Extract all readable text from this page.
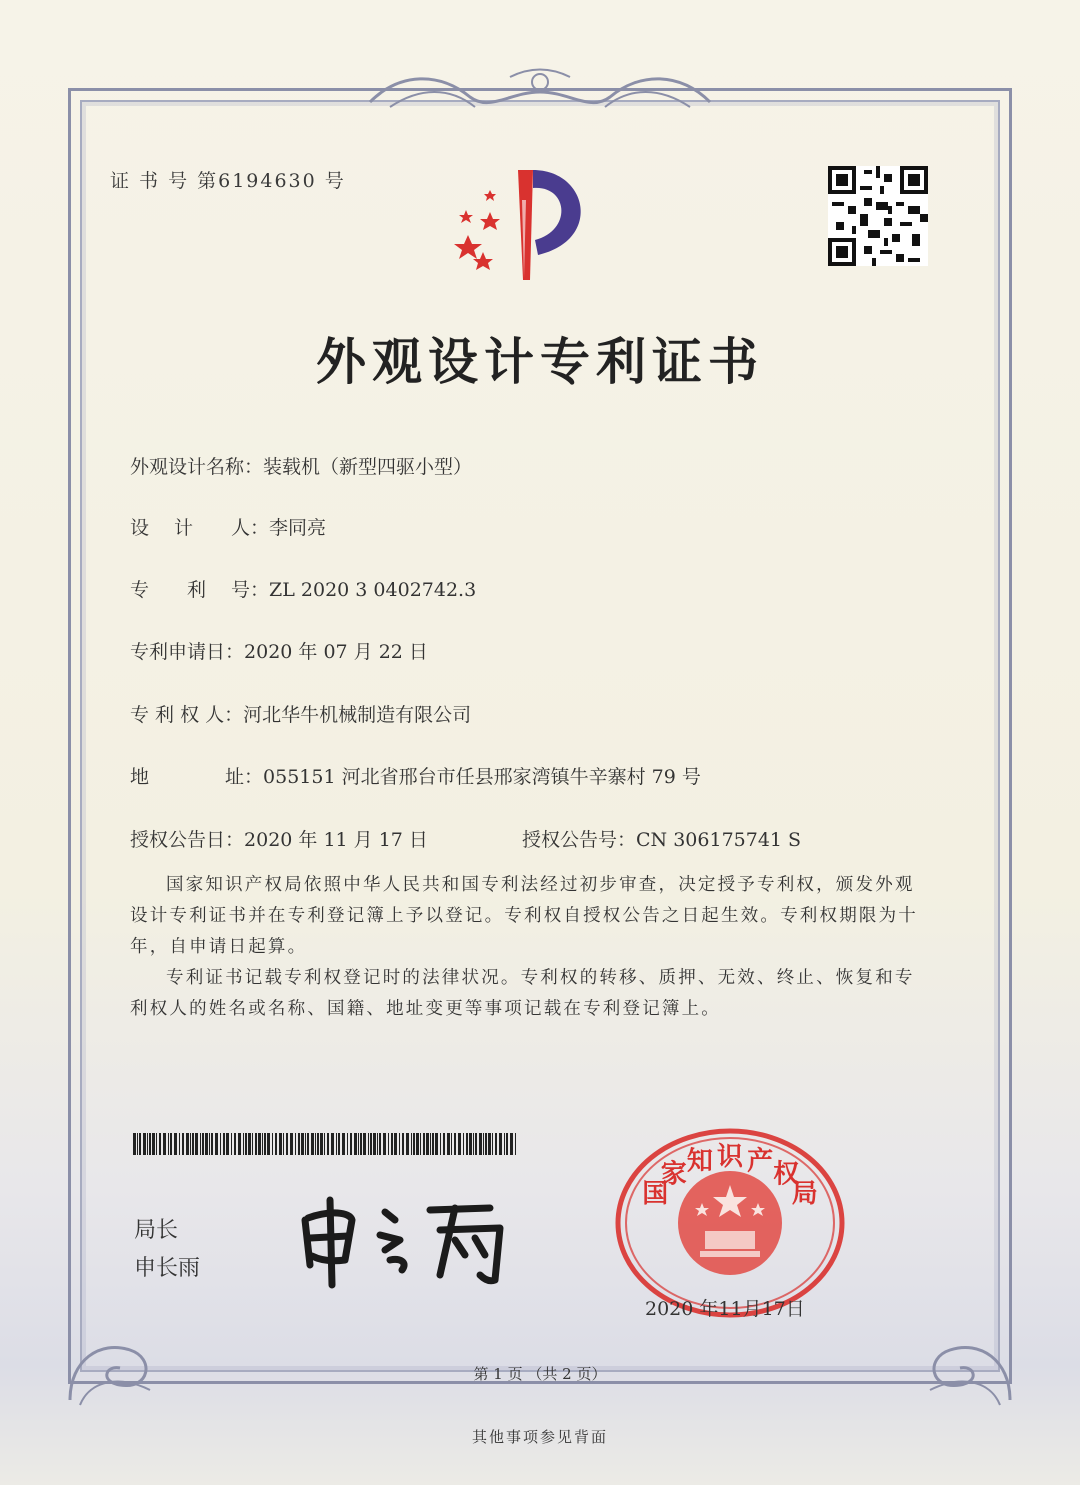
证 书 号 第6194630 号
外观设计专利证书
外观设计名称：装载机（新型四驱小型）
设　 计　　人：李同亮
专　　利　 号：ZL 2020 3 0402742.3
专利申请日：2020 年 07 月 22 日
专 利 权 人：河北华牛机械制造有限公司
地　　　　址：055151 河北省邢台市任县邢家湾镇牛辛寨村 79 号
授权公告日：2020 年 11 月 17 日	授权公告号：CN 306175741 S

国家知识产权局依照中华人民共和国专利法经过初步审查，决定授予专利权，颁发外观设计专利证书并在专利登记簿上予以登记。专利权自授权公告之日起生效。专利权期限为十年，自申请日起算。

专利证书记载专利权登记时的法律状况。专利权的转移、质押、无效、终止、恢复和专利权人的姓名或名称、国籍、地址变更等事项记载在专利登记簿上。

局长
申长雨
国家知 识 产权局
2020 年11月17日
第 1 页 （共 2 页）
其他事项参见背面
